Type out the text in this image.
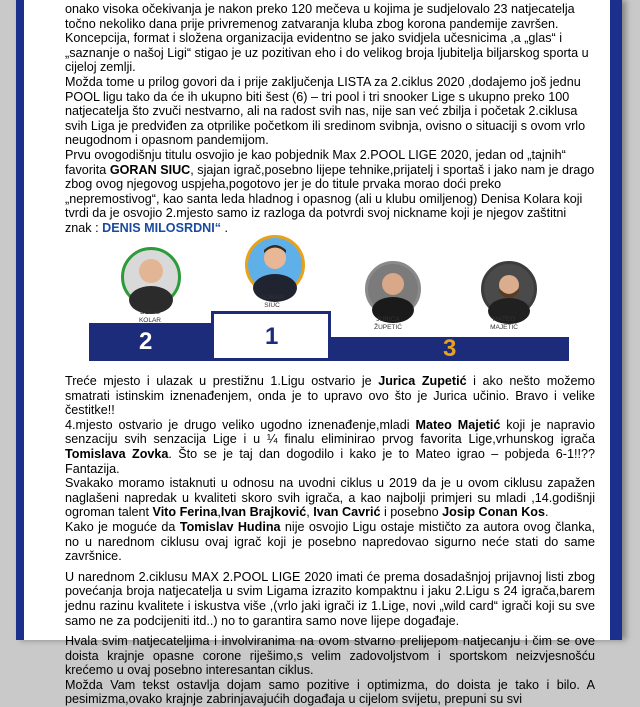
onako visoka očekivanja je nakon preko 120 mečeva u kojima je sudjelovalo 23 natjecatelja točno nekoliko dana prije privremenog zatvaranja kluba zbog korona pandemije završen.

Koncepcija, format i složena organizacija evidentno se jako svidjela učesnicima ,a „glas“ i „saznanje o našoj Ligi“ stigao je uz pozitivan eho i do velikog broja ljubitelja biljarskog sporta u cijeloj zemlji.

Možda tome u prilog govori da i prije zaključenja LISTA za 2.ciklus 2020 ,dodajemo još jednu POOL ligu tako da će ih ukupno biti šest (6) – tri pool i tri snooker Lige s ukupno preko 100 natjecatelja što zvuči nestvarno, ali na radost svih nas, nije san već zbilja i početak 2.ciklusa svih Liga je predviđen za otprilike početkom ili sredinom svibnja, ovisno o situaciji s ovom vrlo neugodnom i opasnom pandemijom.

Prvu ovogodišnju titulu osvojio je kao pobjednik Max 2.POOL LIGE 2020, jedan od „tajnih“ favorita GORAN SIUC, sjajan igrač,posebno lijepe tehnike,prijatelj i sportaš i jako nam je drago zbog ovog njegovog uspjeha,pogotovo jer je do titule prvaka morao doći preko „nepremostivog“, kao santa leda hladnog i opasnog (ali u klubu omiljenog) Denisa Kolara koji tvrdi da je osvojio 2.mjesto samo iz razloga da potvrdi svoj nickname koji je njegov zaštitni znak : DENIS MILOSRDNI“ .

2	1	3
DENIS
KOLAR
GORAN
SIUC
JURICA
ŽUPETIĆ
MATEO
MAJETIĆ

Treće mjesto i ulazak u prestižnu 1.Ligu ostvario je Jurica Zupetić i ako nešto možemo smatrati istinskim iznenađenjem, onda je to upravo ovo što je Jurica učinio. Bravo i velike čestitke!!

4.mjesto ostvario je drugo veliko ugodno iznenađenje,mladi Mateo Majetić koji je napravio senzaciju svih senzacija Lige i u ¼ finalu eliminirao prvog favorita Lige,vrhunskog igrača Tomislava Zovka. Što se je taj dan dogodilo i kako je to Mateo igrao – pobjeda 6-1!!?? Fantazija.

Svakako moramo istaknuti u odnosu na uvodni ciklus u 2019 da je u ovom ciklusu zapažen naglašeni napredak u kvaliteti skoro svih igrača, a kao najbolji primjeri su mladi ,14.godišnji ogroman talent Vito Ferina,Ivan Brajković, Ivan Cavrić i posebno Josip Conan Kos.

Kako je moguće da Tomislav Hudina nije osvojio Ligu ostaje mističto za autora ovog članka, no u narednom ciklusu ovaj igrač koji je posebno napredovao sigurno neće stati do same završnice.

U narednom 2.ciklusu MAX 2.POOL LIGE 2020 imati će prema dosadašnjoj prijavnoj listi zbog povećanja broja natjecatelja u svim Ligama izrazito kompaktnu i jaku 2.Ligu s 24 igrača,barem jednu razinu kvalitete i iskustva više ,(vrlo jaki igrači iz 1.Lige, novi „wild card“ igrači koji su sve samo ne za podcijeniti itd..) no to garantira samo nove lijepe događaje.

Hvala svim natjecateljima i involviranima na ovom stvarno prelijepom natjecanju i čim se ove doista krajnje opasne corone riješimo,s velim zadovoljstvom i sportskom neizvjesnošću krećemo u ovaj posebno interesantan ciklus.

Možda Vam tekst ostavlja dojam samo pozitive i optimizma, do doista je tako i bilo. A pesimizma,ovako krajnje zabrinjavajućih događaja u cijelom svijetu, prepuni su svi
